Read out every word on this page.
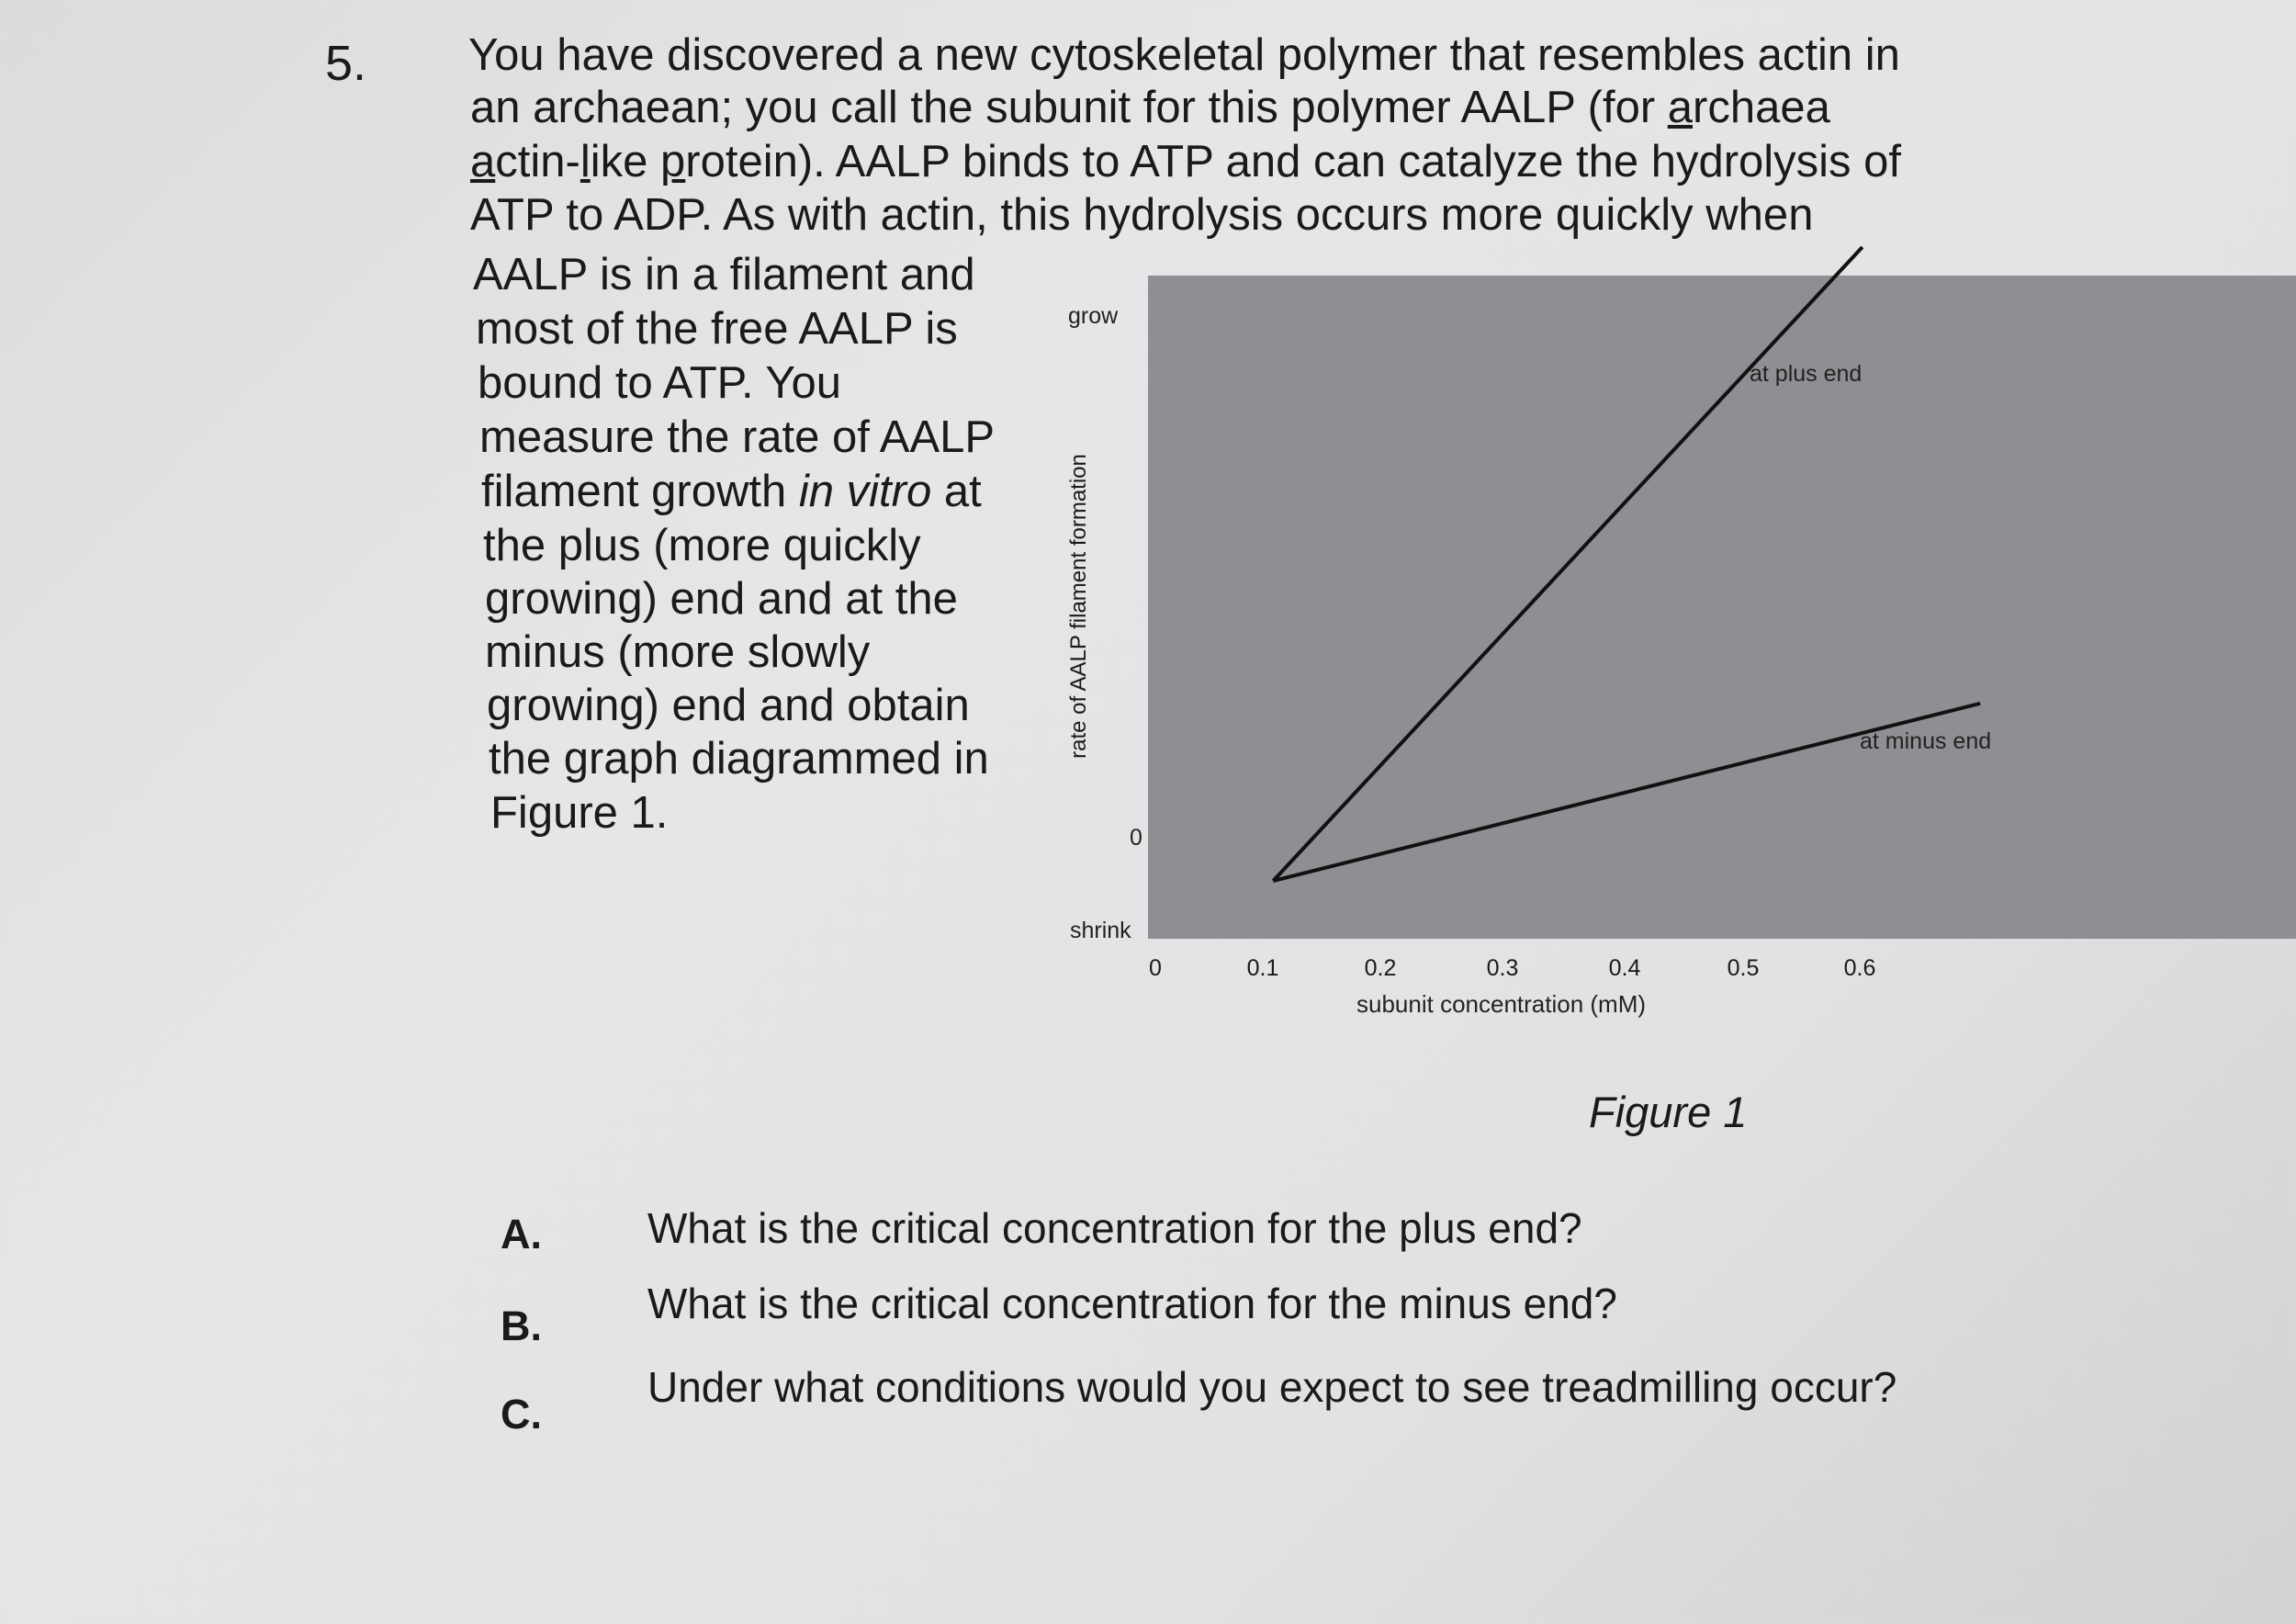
5. You have discovered a new cytoskeletal polymer that resembles actin in
an archaean; you call the subunit for this polymer AALP (for archaea
actin-like protein). AALP binds to ATP and can catalyze the hydrolysis of
ATP to ADP. As with actin, this hydrolysis occurs more quickly when
AALP is in a filament and
most of the free AALP is
bound to ATP. You
measure the rate of AALP
filament growth in vitro at
the plus (more quickly
growing) end and at the
minus (more slowly
growing) end and obtain
the graph diagrammed in
Figure 1.
grow
0
shrink
rate of AALP filament formation
0	0.1	0.2	0.3	0.4	0.5	0.6
subunit concentration (mM)
at plus end
at minus end
Figure 1
A.	What is the critical concentration for the plus end?
B.	What is the critical concentration for the minus end?
C.
Under what conditions would you expect to see treadmilling occur?
